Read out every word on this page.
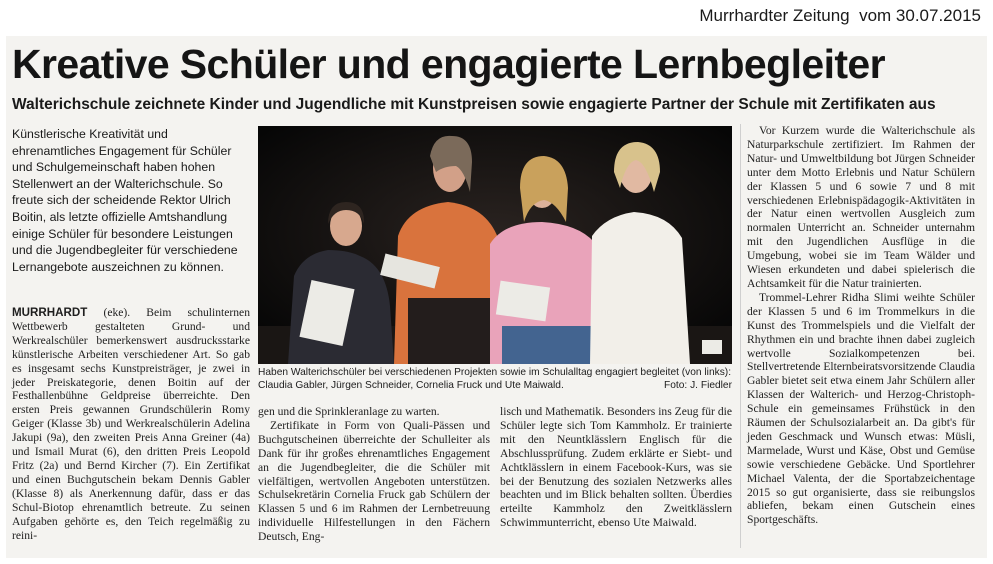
Murrhardter Zeitung  vom 30.07.2015
Kreative Schüler und engagierte Lernbegleiter
Walterichschule zeichnete Kinder und Jugendliche mit Kunstpreisen sowie engagierte Partner der Schule mit Zertifikaten aus
Künstlerische Kreativität und ehrenamtliches Engagement für Schüler und Schulgemeinschaft haben hohen Stellenwert an der Walterichschule. So freute sich der scheidende Rektor Ulrich Boitin, als letzte offizielle Amtshandlung einige Schüler für besondere Leistungen und die Jugendbegleiter für verschiedene Lernangebote auszeichnen zu können.

MURRHARDT (eke). Beim schulinternen Wettbewerb gestalteten Grund- und Werkrealschüler bemerkenswert ausdrucksstarke künstlerische Arbeiten verschiedener Art. So gab es insgesamt sechs Kunstpreisträger, je zwei in jeder Preiskategorie, denen Boitin auf der Festhallenbühne Geldpreise überreichte. Den ersten Preis gewannen Grundschülerin Romy Geiger (Klasse 3b) und Werkrealschülerin Adelina Jakupi (9a), den zweiten Preis Anna Greiner (4a) und Ismail Murat (6), den dritten Preis Leopold Fritz (2a) und Bernd Kircher (7). Ein Zertifikat und einen Buchgutschein bekam Dennis Gabler (Klasse 8) als Anerkennung dafür, dass er das Schul-Biotop ehrenamtlich betreute. Zu seinen Aufgaben gehörte es, den Teich regelmäßig zu reini-

Haben Walterichschüler bei verschiedenen Projekten sowie im Schulalltag engagiert begleitet (von links): Claudia Gabler, Jürgen Schneider, Cornelia Fruck und Ute Maiwald.	Foto: J. Fiedler

gen und die Sprinkleranlage zu warten.

Zertifikate in Form von Quali-Pässen und Buchgutscheinen überreichte der Schulleiter als Dank für ihr großes ehrenamtliches Engagement an die Jugendbegleiter, die die Schüler mit vielfältigen, wertvollen Angeboten unterstützen. Schulsekretärin Cornelia Fruck gab Schülern der Klassen 5 und 6 im Rahmen der Lernbetreuung individuelle Hilfestellungen in den Fächern Deutsch, Eng-

lisch und Mathematik. Besonders ins Zeug für die Schüler legte sich Tom Kammholz. Er trainierte mit den Neuntklässlern Englisch für die Abschlussprüfung. Zudem erklärte er Siebt- und Achtklässlern in einem Facebook-Kurs, was sie bei der Benutzung des sozialen Netzwerks alles beachten und im Blick behalten sollten. Überdies erteilte Kammholz den Zweitklässlern Schwimmunterricht, ebenso Ute Maiwald.

Vor Kurzem wurde die Walterichschule als Naturparkschule zertifiziert. Im Rahmen der Natur- und Umweltbildung bot Jürgen Schneider unter dem Motto Erlebnis und Natur Schülern der Klassen 5 und 6 sowie 7 und 8 mit verschiedenen Erlebnispädagogik-Aktivitäten in der Natur einen wertvollen Ausgleich zum normalen Unterricht an. Schneider unternahm mit den Jugendlichen Ausflüge in die Umgebung, wobei sie im Team Wälder und Wiesen erkundeten und dabei spielerisch die Achtsamkeit für die Natur trainierten.

Trommel-Lehrer Ridha Slimi weihte Schüler der Klassen 5 und 6 im Trommelkurs in die Kunst des Trommelspiels und die Vielfalt der Rhythmen ein und brachte ihnen dabei zugleich wertvolle Sozialkompetenzen bei. Stellvertretende Elternbeiratsvorsitzende Claudia Gabler bietet seit etwa einem Jahr Schülern aller Klassen der Walterich- und Herzog-Christoph-Schule ein gemeinsames Frühstück in den Räumen der Schulsozialarbeit an. Da gibt's für jeden Geschmack und Wunsch etwas: Müsli, Marmelade, Wurst und Käse, Obst und Gemüse sowie verschiedene Gebäcke. Und Sportlehrer Michael Valenta, der die Sportabzeichentage 2015 so gut organisierte, dass sie reibungslos abliefen, bekam einen Gutschein eines Sportgeschäfts.
